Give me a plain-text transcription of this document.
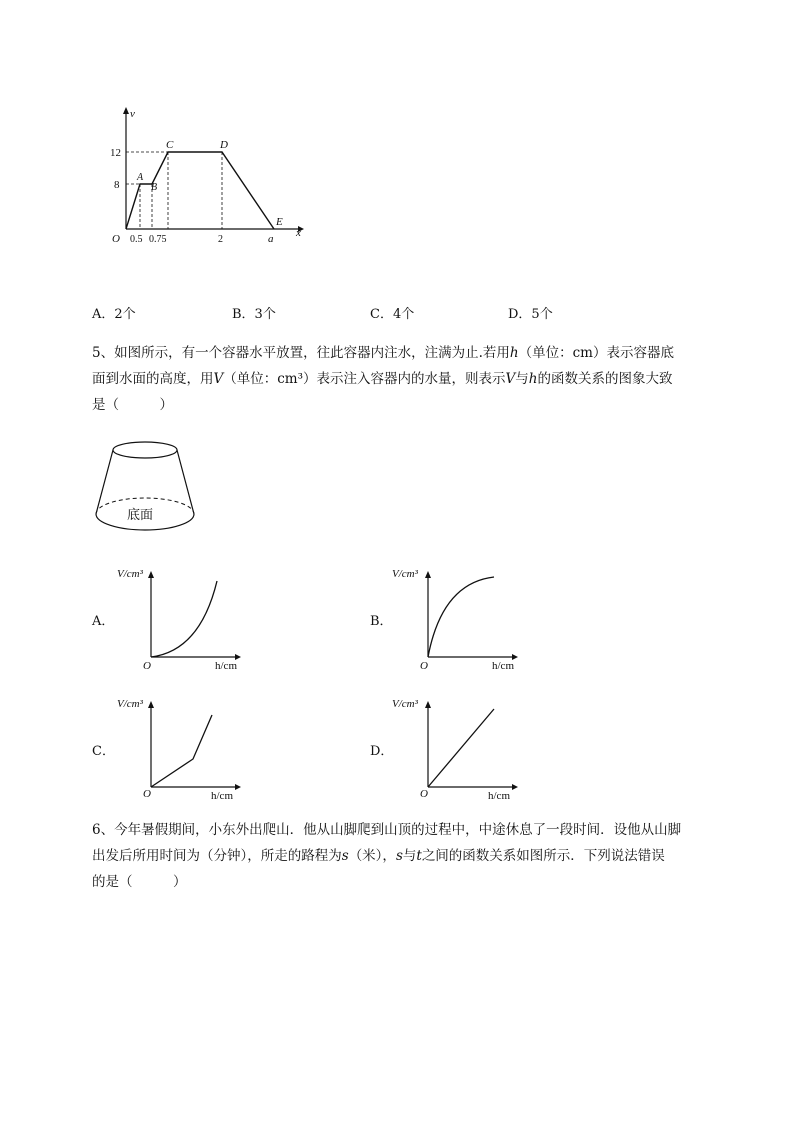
v
x
O
12
8
0.5 0.75	2	a
A
B
C	D
E
A．2个	B．3个	C．4个	D．5个

5、如图所示，有一个容器水平放置，往此容器内注水，注满为止.若用h（单位：cm）表示容器底

面到水面的高度，用V（单位：cm³）表示注入容器内的水量，则表示V与h的函数关系的图象大致

是（　　　）

底面
A．	B．
C．	D．
V/cm³
h/cm
O
V/cm³
h/cm
O
V/cm³
h/cm
O
V/cm³
h/cm
O

6、今年暑假期间，小东外出爬山．他从山脚爬到山顶的过程中，中途休息了一段时间．设他从山脚

出发后所用时间为（分钟），所走的路程为s（米），s与t之间的函数关系如图所示．下列说法错误

的是（　　　）
